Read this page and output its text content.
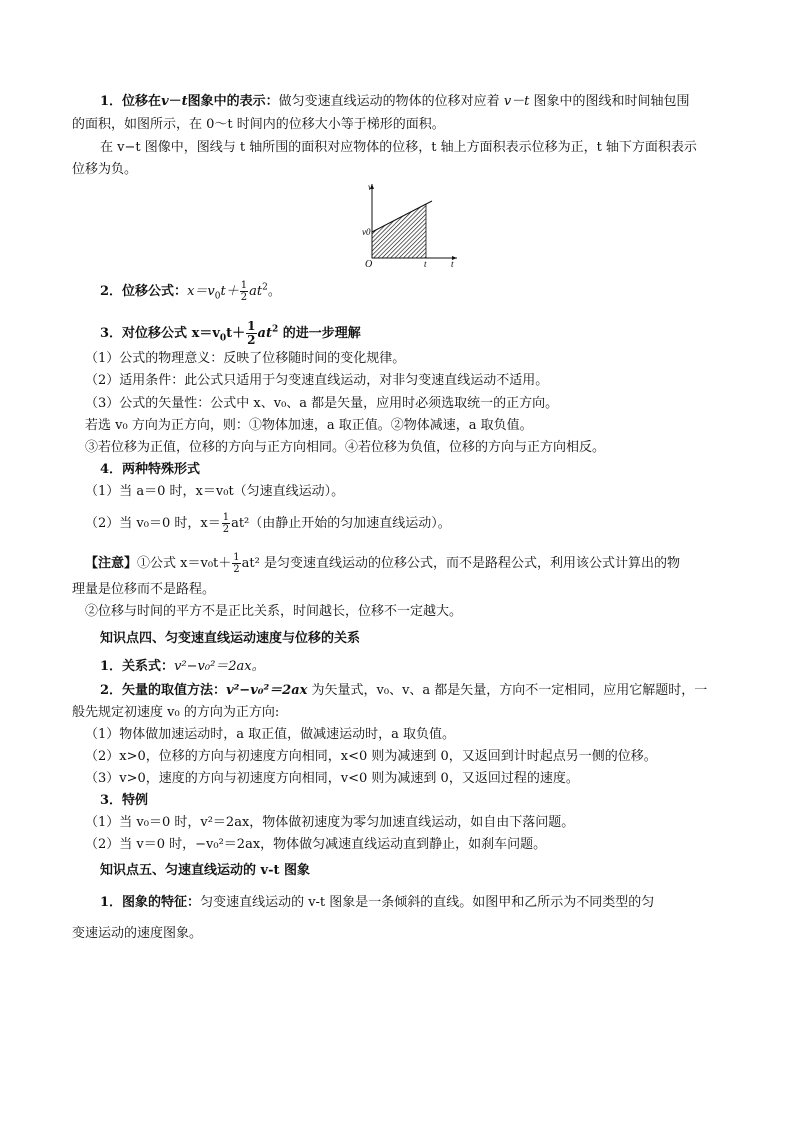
1．位移在v－t图象中的表示：做匀变速直线运动的物体的位移对应着 v－t 图象中的图线和时间轴包围
的面积，如图所示，在 0～t 时间内的位移大小等于梯形的面积。
在 v−t 图像中，图线与 t 轴所围的面积对应物体的位移，t 轴上方面积表示位移为正，t 轴下方面积表示
位移为负。
v
v0
O	t	t
2．位移公式：$x=v_0t+ \frac{1}{2} at^2$。
3．对位移公式 $x=v_0t+ \frac{1}{2} at^2$ 的进一步理解
（1）公式的物理意义：反映了位移随时间的变化规律。
（2）适用条件：此公式只适用于匀变速直线运动，对非匀变速直线运动不适用。
（3）公式的矢量性：公式中 x、v₀、a 都是矢量，应用时必须选取统一的正方向。
若选 v₀ 方向为正方向，则：①物体加速，a 取正值。②物体减速，a 取负值。
③若位移为正值，位移的方向与正方向相同。④若位移为负值，位移的方向与正方向相反。
4．两种特殊形式
（1）当 a＝0 时，x＝v₀t（匀速直线运动）。
（2）当 v₀＝0 时，$x= \frac{1}{2} at^2$（由静止开始的匀加速直线运动）。
【注意】①公式 $x=v_0t+ \frac{1}{2} at^2$ 是匀变速直线运动的位移公式，而不是路程公式，利用该公式计算出的物
理量是位移而不是路程。
②位移与时间的平方不是正比关系，时间越长，位移不一定越大。
知识点四、匀变速直线运动速度与位移的关系
1．关系式：v²−v₀²＝2ax。
2．矢量的取值方法：v²−v₀²＝2ax 为矢量式，v₀、v、a 都是矢量，方向不一定相同，应用它解题时，一
般先规定初速度 v₀ 的方向为正方向:
（1）物体做加速运动时，a 取正值，做减速运动时，a 取负值。
（2）x>0，位移的方向与初速度方向相同，x<0 则为减速到 0，又返回到计时起点另一侧的位移。
（3）v>0，速度的方向与初速度方向相同，v<0 则为减速到 0，又返回过程的速度。
3．特例
（1）当 v₀＝0 时，v²＝2ax，物体做初速度为零匀加速直线运动，如自由下落问题。
（2）当 v＝0 时，−v₀²＝2ax，物体做匀减速直线运动直到静止，如刹车问题。
知识点五、匀速直线运动的 v-t 图象
1．图象的特征：匀变速直线运动的 v-t 图象是一条倾斜的直线。如图甲和乙所示为不同类型的匀
变速运动的速度图象。
